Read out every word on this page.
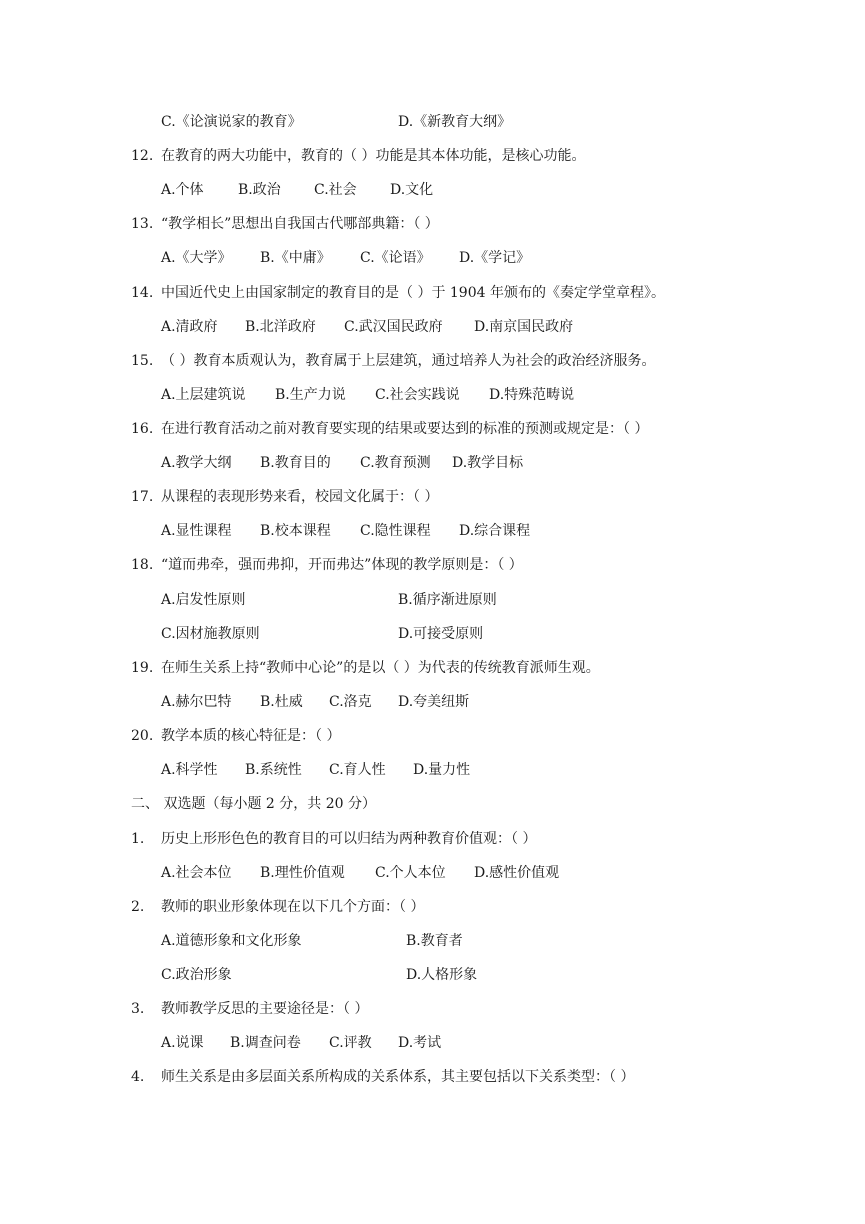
C.《论演说家的教育》	D.《新教育大纲》
12. 在教育的两大功能中，教育的（ ）功能是其本体功能，是核心功能。
A.个体 B.政治 C.社会 D.文化
13. “教学相长”思想出自我国古代哪部典籍：（ ）
A.《大学》 B.《中庸》 C.《论语》 D.《学记》
14. 中国近代史上由国家制定的教育目的是（ ）于 1904 年颁布的《奏定学堂章程》。
A.清政府 B.北洋政府 C.武汉国民政府 D.南京国民政府
15. （ ）教育本质观认为，教育属于上层建筑，通过培养人为社会的政治经济服务。
A.上层建筑说 B.生产力说 C.社会实践说 D.特殊范畴说
16. 在进行教育活动之前对教育要实现的结果或要达到的标准的预测或规定是：（ ）
A.教学大纲 B.教育目的 C.教育预测 D.教学目标
17. 从课程的表现形势来看，校园文化属于：（ ）
A.显性课程 B.校本课程 C.隐性课程 D.综合课程
18. “道而弗牵，强而弗抑，开而弗达”体现的教学原则是：（ ）
A.启发性原则	B.循序渐进原则
C.因材施教原则	D.可接受原则
19. 在师生关系上持“教师中心论”的是以（ ）为代表的传统教育派师生观。
A.赫尔巴特 B.杜威 C.洛克 D.夸美纽斯
20. 教学本质的核心特征是：（ ）
A.科学性 B.系统性 C.育人性 D.量力性
二、 双选题（每小题 2 分，共 20 分）
1. 历史上形形色色的教育目的可以归结为两种教育价值观：（ ）
A.社会本位 B.理性价值观 C.个人本位 D.感性价值观
2. 教师的职业形象体现在以下几个方面：（ ）
A.道德形象和文化形象	B.教育者
C.政治形象	D.人格形象
3. 教师教学反思的主要途径是：（ ）
A.说课 B.调查问卷 C.评教 D.考试
4. 师生关系是由多层面关系所构成的关系体系，其主要包括以下关系类型：（ ）
